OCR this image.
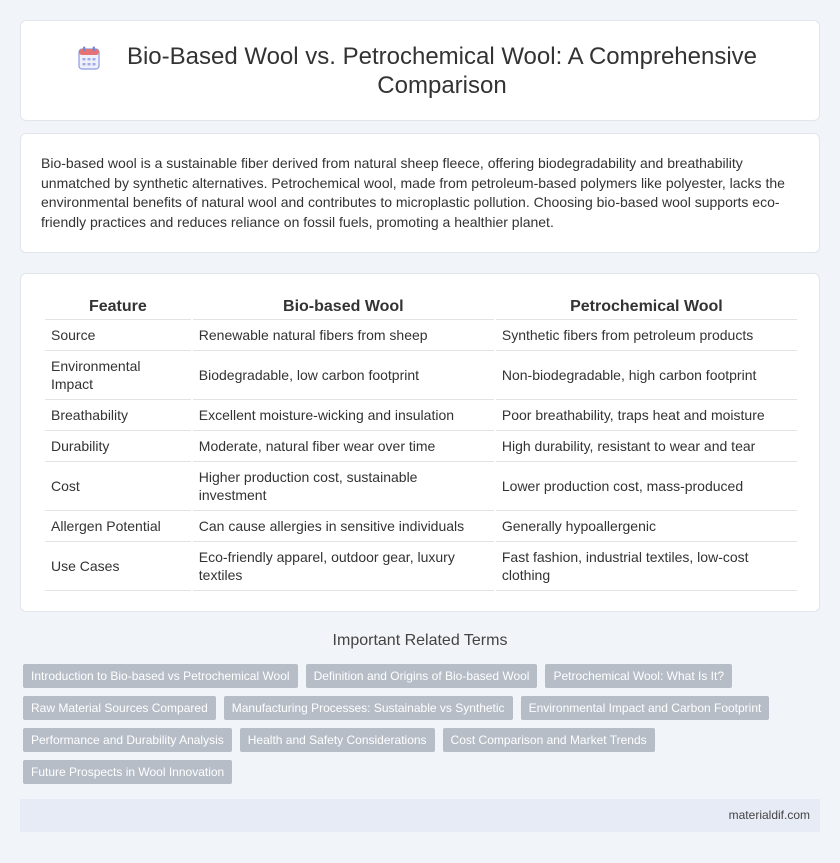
Bio-Based Wool vs. Petrochemical Wool: A Comprehensive Comparison

Bio-based wool is a sustainable fiber derived from natural sheep fleece, offering biodegradability and breathability unmatched by synthetic alternatives. Petrochemical wool, made from petroleum-based polymers like polyester, lacks the environmental benefits of natural wool and contributes to microplastic pollution. Choosing bio-based wool supports eco-friendly practices and reduces reliance on fossil fuels, promoting a healthier planet.

Feature	Bio-based Wool	Petrochemical Wool
Source	Renewable natural fibers from sheep	Synthetic fibers from petroleum products
Environmental Impact	Biodegradable, low carbon footprint	Non-biodegradable, high carbon footprint
Breathability	Excellent moisture-wicking and insulation	Poor breathability, traps heat and moisture
Durability	Moderate, natural fiber wear over time	High durability, resistant to wear and tear
Cost	Higher production cost, sustainable investment	Lower production cost, mass-produced
Allergen Potential	Can cause allergies in sensitive individuals	Generally hypoallergenic
Use Cases	Eco-friendly apparel, outdoor gear, luxury textiles	Fast fashion, industrial textiles, low-cost clothing
Important Related Terms
Introduction to Bio-based vs Petrochemical Wool	Definition and Origins of Bio-based Wool	Petrochemical Wool: What Is It?
Raw Material Sources Compared	Manufacturing Processes: Sustainable vs Synthetic	Environmental Impact and Carbon Footprint
Performance and Durability Analysis	Health and Safety Considerations	Cost Comparison and Market Trends
Future Prospects in Wool Innovation
materialdif.com
